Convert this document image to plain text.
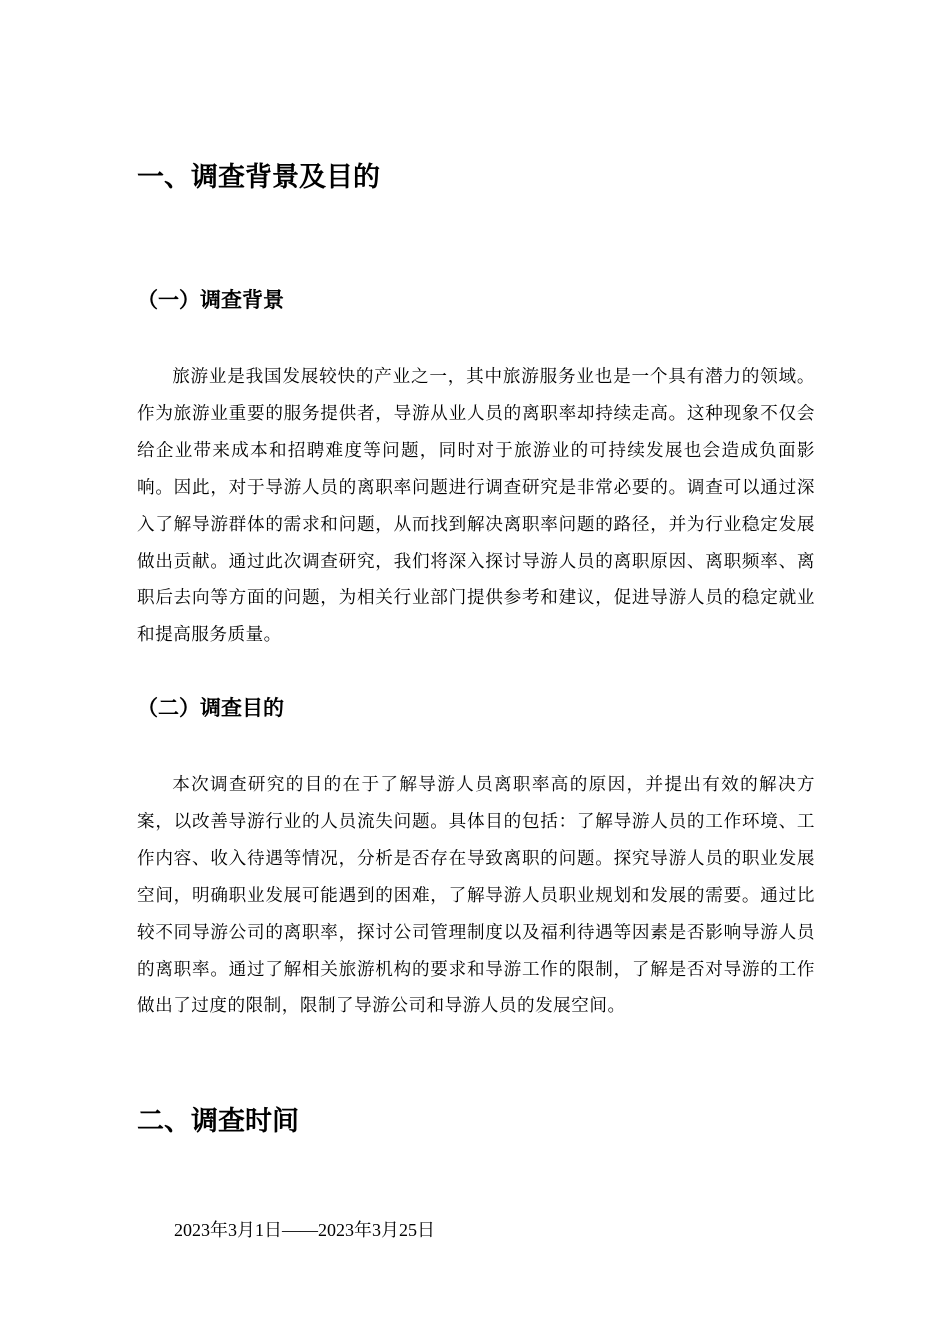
一、调查背景及目的
（一）调查背景

旅游业是我国发展较快的产业之一，其中旅游服务业也是一个具有潜力的领域。作为旅游业重要的服务提供者，导游从业人员的离职率却持续走高。这种现象不仅会给企业带来成本和招聘难度等问题，同时对于旅游业的可持续发展也会造成负面影响。因此，对于导游人员的离职率问题进行调查研究是非常必要的。调查可以通过深入了解导游群体的需求和问题，从而找到解决离职率问题的路径，并为行业稳定发展做出贡献。通过此次调查研究，我们将深入探讨导游人员的离职原因、离职频率、离职后去向等方面的问题，为相关行业部门提供参考和建议，促进导游人员的稳定就业和提高服务质量。

（二）调查目的

本次调查研究的目的在于了解导游人员离职率高的原因，并提出有效的解决方案，以改善导游行业的人员流失问题。具体目的包括：了解导游人员的工作环境、工作内容、收入待遇等情况，分析是否存在导致离职的问题。探究导游人员的职业发展空间，明确职业发展可能遇到的困难，了解导游人员职业规划和发展的需要。通过比较不同导游公司的离职率，探讨公司管理制度以及福利待遇等因素是否影响导游人员的离职率。通过了解相关旅游机构的要求和导游工作的限制，了解是否对导游的工作做出了过度的限制，限制了导游公司和导游人员的发展空间。

二、调查时间

2023年3月1日——2023年3月25日
